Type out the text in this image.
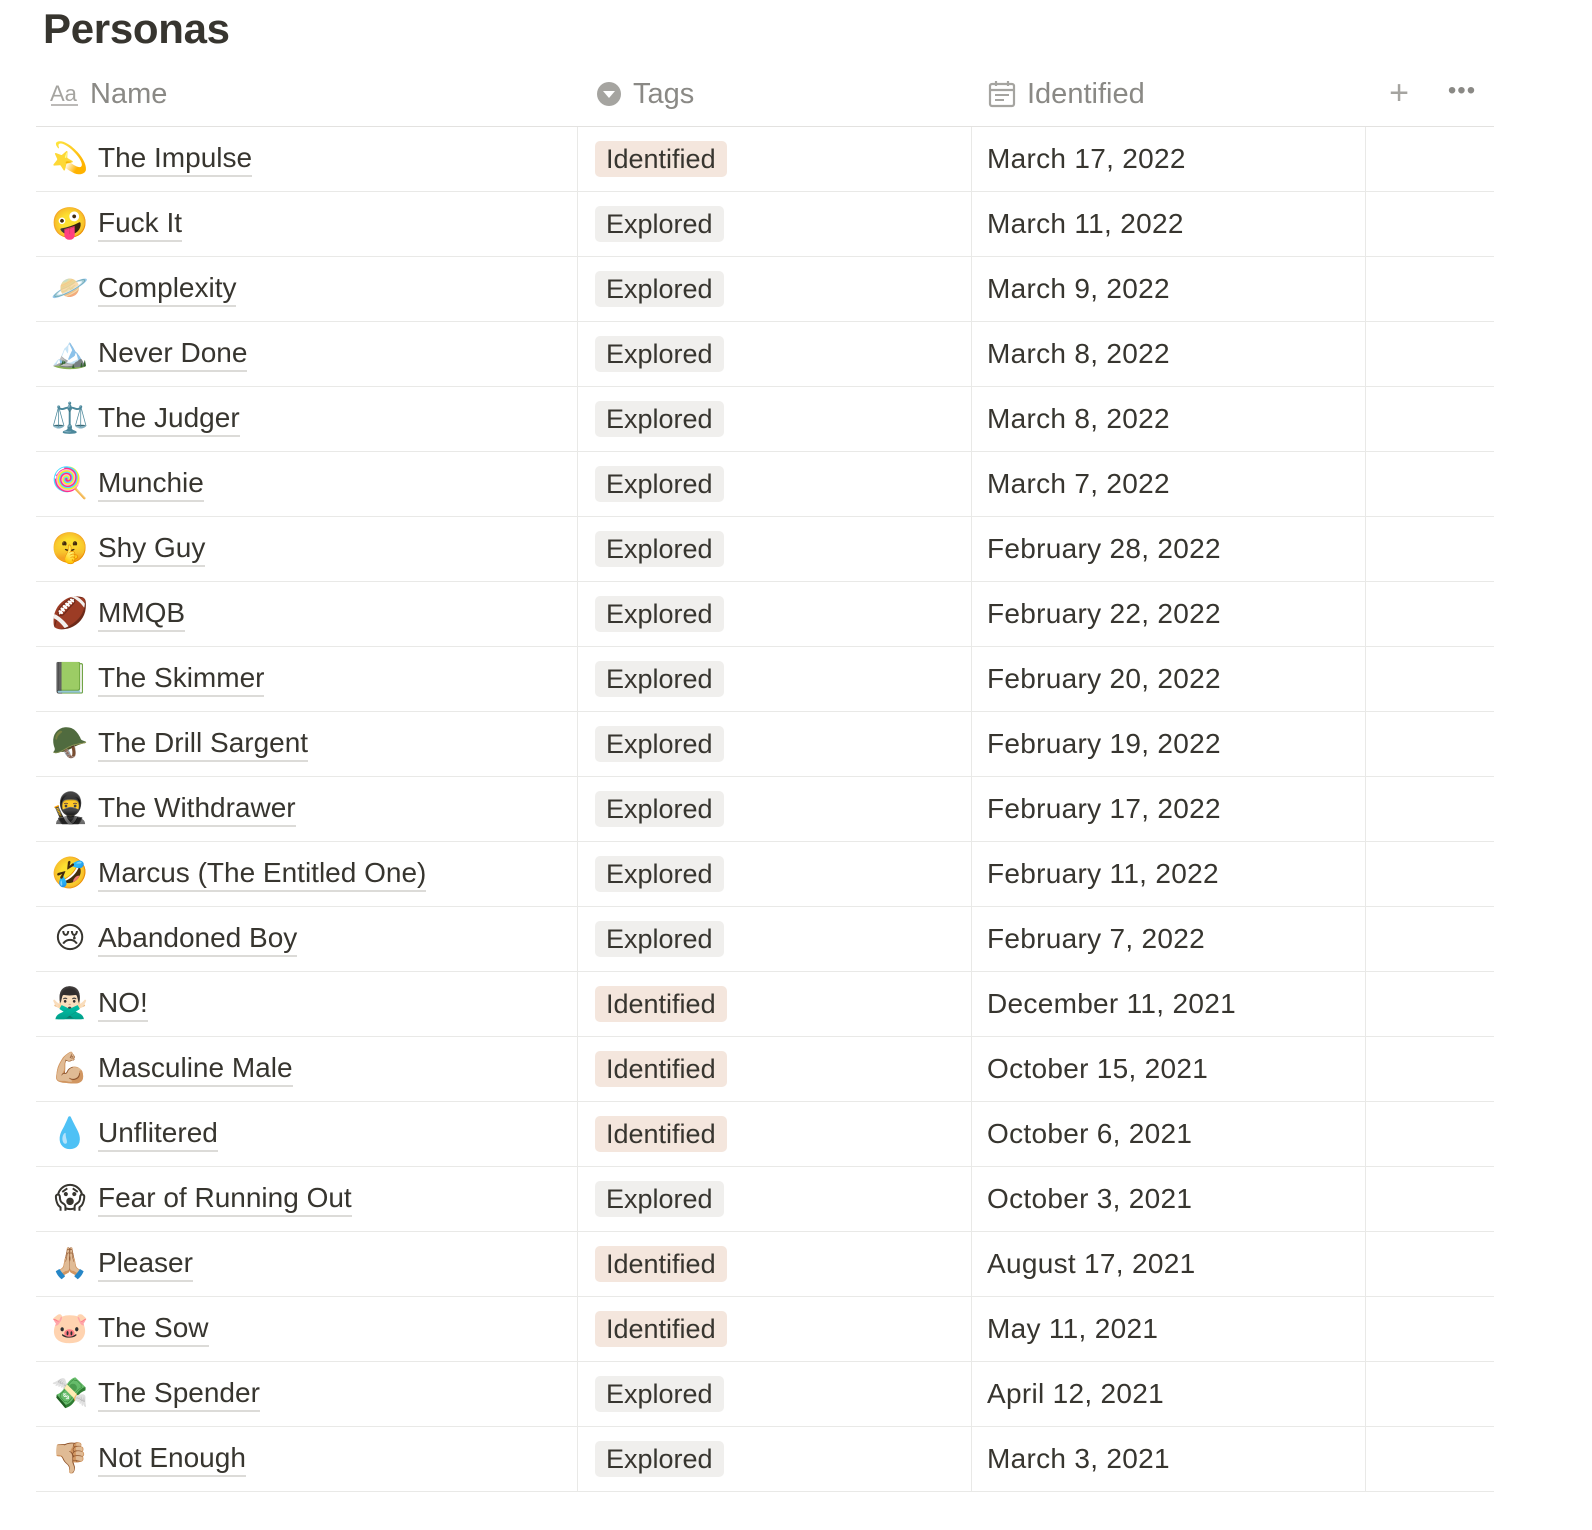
Personas
Aa Name	Tags	Identified	+ •••
💫 The Impulse	Identified	March 17, 2022
🤪 Fuck It	Explored	March 11, 2022
🪐 Complexity	Explored	March 9, 2022
🏔️ Never Done	Explored	March 8, 2022
⚖️ The Judger	Explored	March 8, 2022
🍭 Munchie	Explored	March 7, 2022
🤫 Shy Guy	Explored	February 28, 2022
🏈 MMQB	Explored	February 22, 2022
📗 The Skimmer	Explored	February 20, 2022
🪖 The Drill Sargent	Explored	February 19, 2022
🥷 The Withdrawer	Explored	February 17, 2022
🤣 Marcus (The Entitled One)	Explored	February 11, 2022
😢 Abandoned Boy	Explored	February 7, 2022
🙅🏻‍♂️ NO!	Identified	December 11, 2021
💪🏼 Masculine Male	Identified	October 15, 2021
💧 Unflitered	Identified	October 6, 2021
😱 Fear of Running Out	Explored	October 3, 2021
🙏🏼 Pleaser	Identified	August 17, 2021
🐷 The Sow	Identified	May 11, 2021
💸 The Spender	Explored	April 12, 2021
👎🏼 Not Enough	Explored	March 3, 2021
